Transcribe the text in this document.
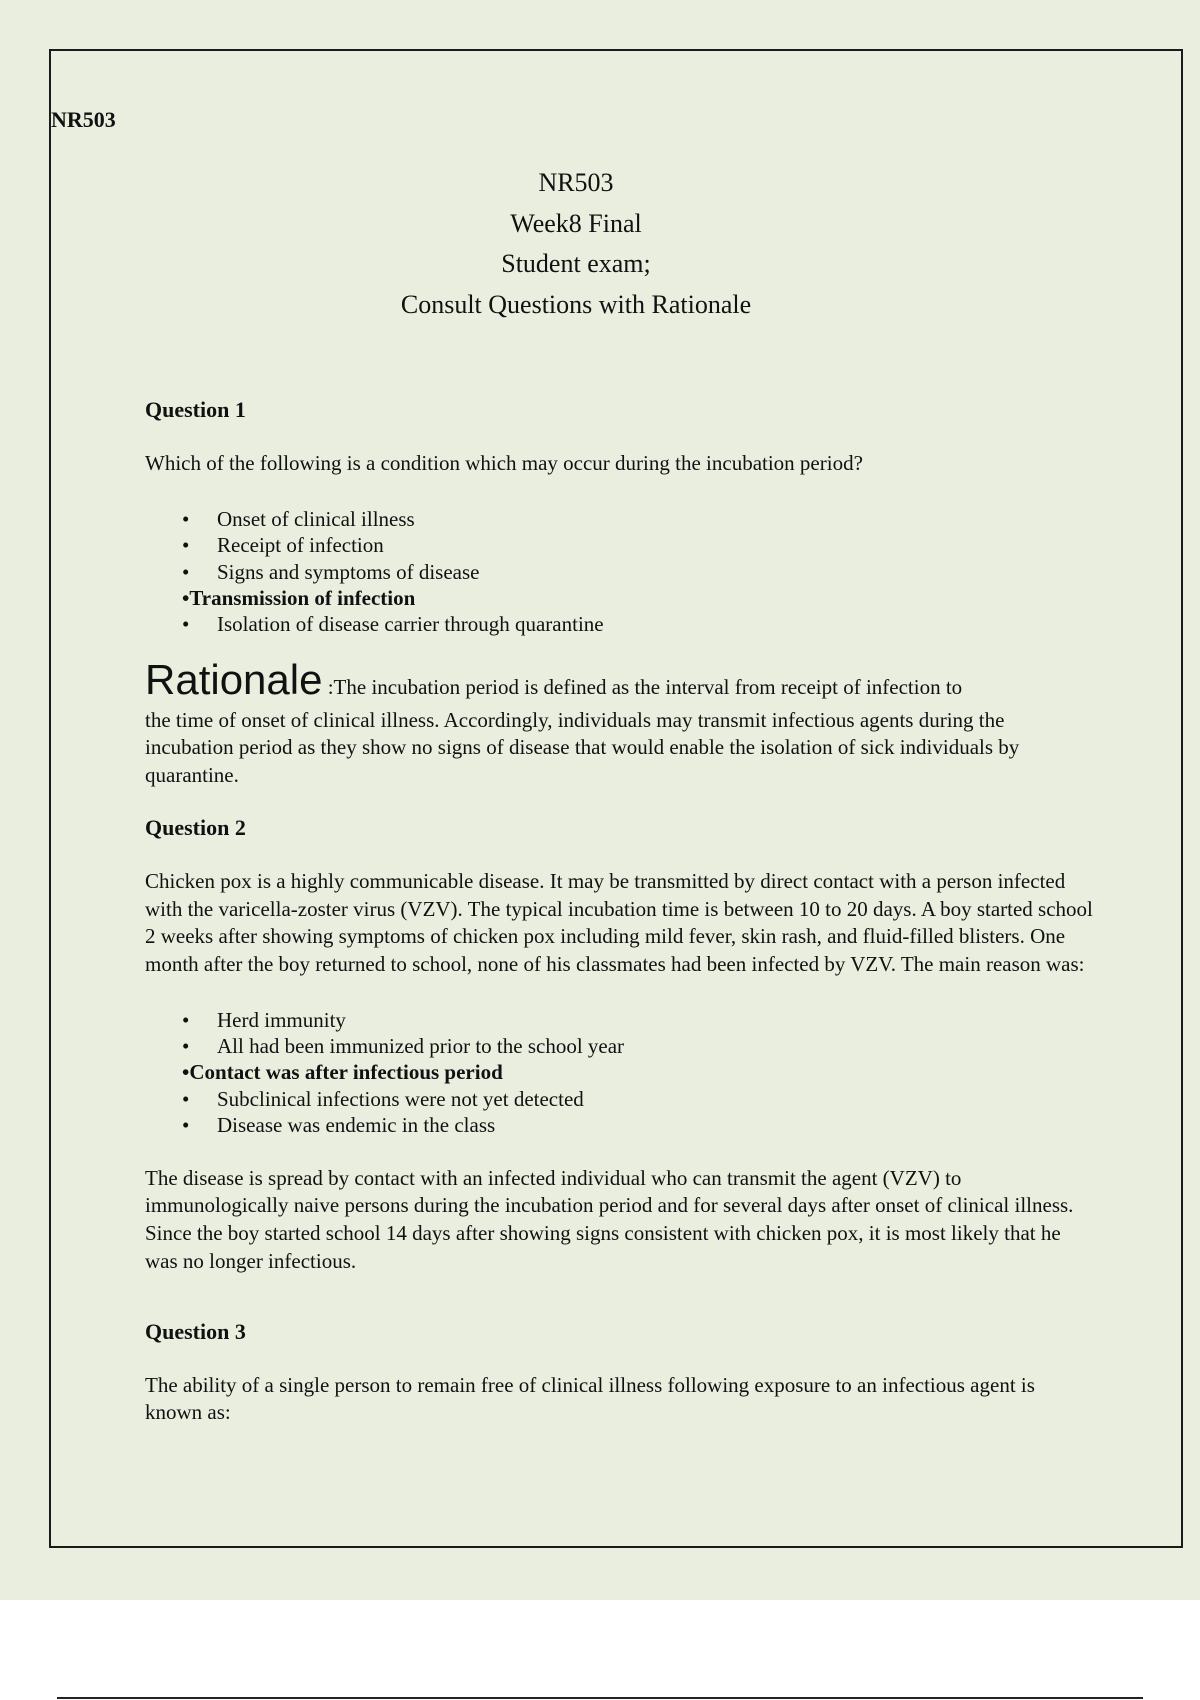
NR503

NR503
Week8 Final
Student exam;
Consult Questions with Rationale

Question 1

Which of the following is a condition which may occur during the incubation period?

• Onset of clinical illness
• Receipt of infection
• Signs and symptoms of disease
•Transmission of infection
• Isolation of disease carrier through quarantine

Rationale :The incubation period is defined as the interval from receipt of infection to

the time of onset of clinical illness. Accordingly, individuals may transmit infectious agents during the incubation period as they show no signs of disease that would enable the isolation of sick individuals by quarantine.

Question 2

Chicken pox is a highly communicable disease. It may be transmitted by direct contact with a person infected with the varicella-zoster virus (VZV). The typical incubation time is between 10 to 20 days. A boy started school 2 weeks after showing symptoms of chicken pox including mild fever, skin rash, and fluid-filled blisters. One month after the boy returned to school, none of his classmates had been infected by VZV. The main reason was:

• Herd immunity
• All had been immunized prior to the school year
•Contact was after infectious period
• Subclinical infections were not yet detected
• Disease was endemic in the class

The disease is spread by contact with an infected individual who can transmit the agent (VZV) to immunologically naive persons during the incubation period and for several days after onset of clinical illness. Since the boy started school 14 days after showing signs consistent with chicken pox, it is most likely that he was no longer infectious.

Question 3

The ability of a single person to remain free of clinical illness following exposure to an infectious agent is known as:
